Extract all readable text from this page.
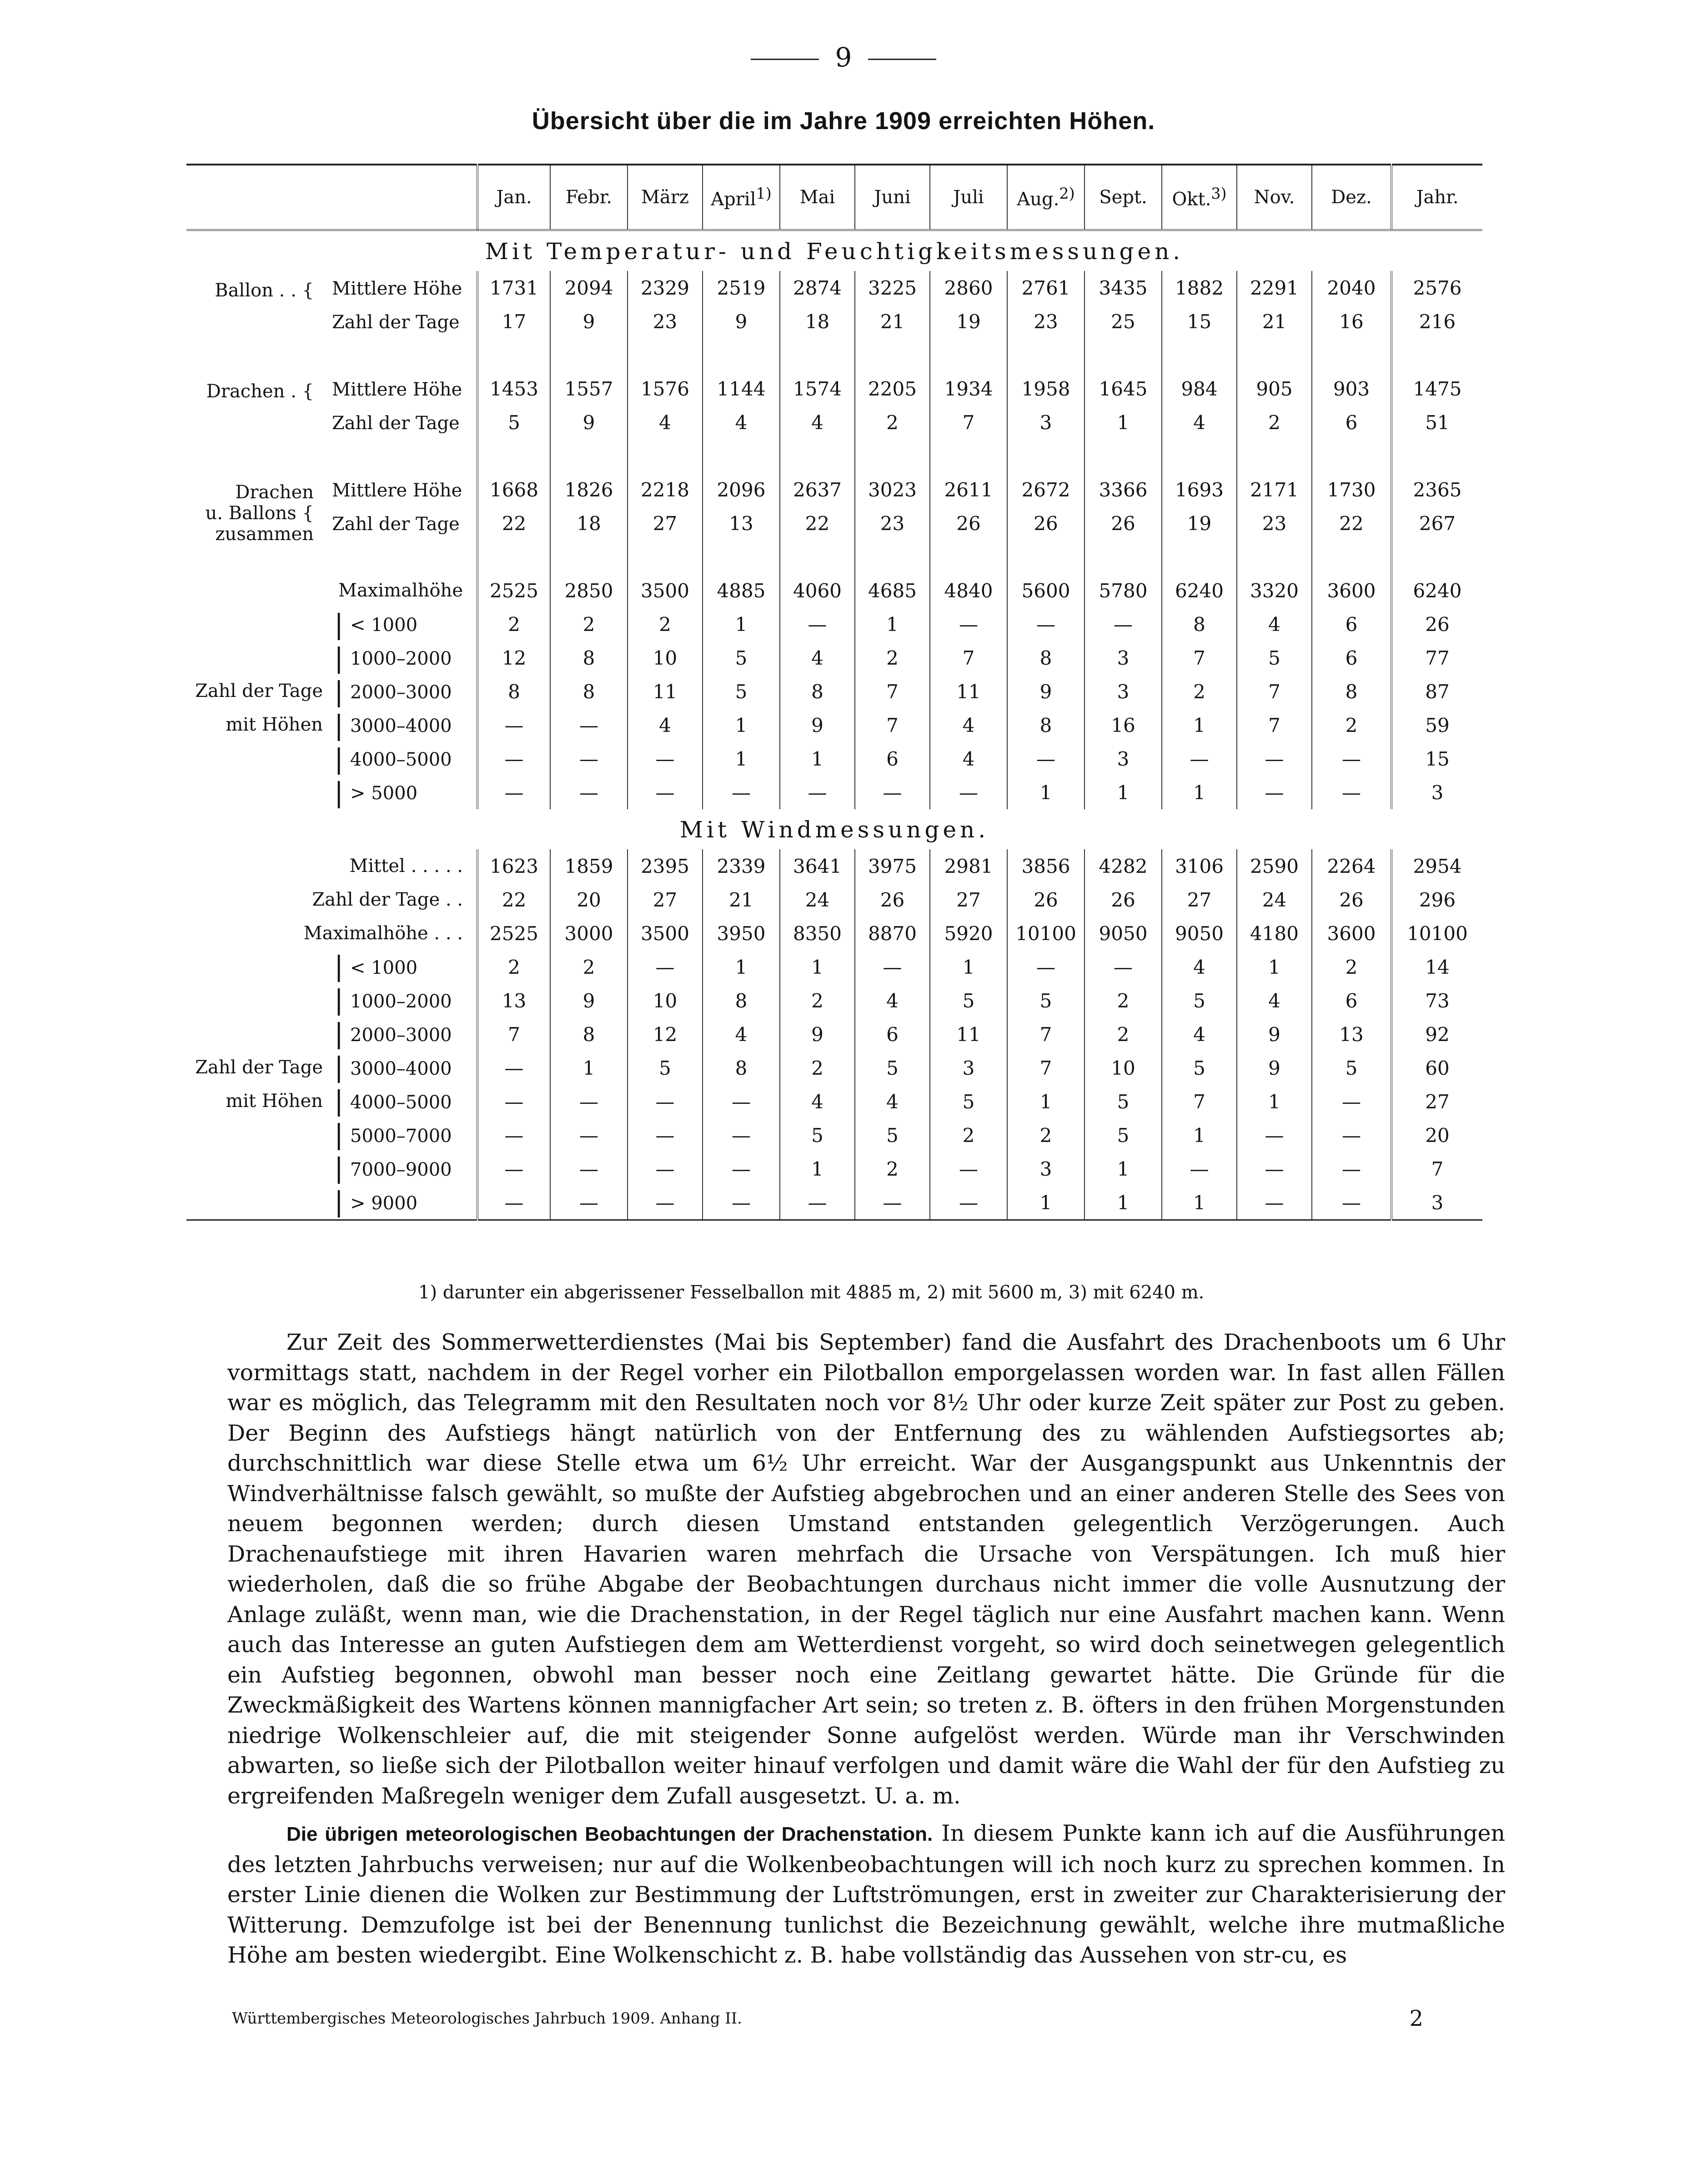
9
Übersicht über die im Jahre 1909 erreichten Höhen.
	Jan.	Febr.	März	April$^{1)}$	Mai	Juni	Juli	Aug.$^{2)}$	Sept.	Okt.$^{3)}$	Nov.	Dez.	Jahr.
Mit Temperatur- und Feuchtigkeitsmessungen.													

Ballon . . { Mittlere Höhe	1731	2094	2329	2519	2874	3225	2860	2761	3435	1882	2291	2040	2576
Zahl der Tage	17	9	23	9	18	21	19	23	25	15	21	16	216

Drachen . { Mittlere Höhe	1453	1557	1576	1144	1574	2205	1934	1958	1645	984	905	903	1475
Zahl der Tage	5	9	4	4	4	2	7	3	1	4	2	6	51

Drachen
u. Ballons {
zusammen
Mittlere Höhe	1668	1826	2218	2096	2637	3023	2611	2672	3366	1693	2171	1730	2365
Zahl der Tage	22	18	27	13	22	23	26	26	26	19	23	22	267

Maximalhöhe	2525	2850	3500	4885	4060	4685	4840	5600	5780	6240	3320	3600	6240

| < 1000	2	2	2	1	—	1	—	—	—	8	4	6	26

| 1000–2000	12	8	10	5	4	2	7	8	3	7	5	6	77

Zahl der Tage | 2000–3000	8	8	11	5	8	7	11	9	3	2	7	8	87

mit Höhen | 3000–4000	—	—	4	1	9	7	4	8	16	1	7	2	59

| 4000–5000	—	—	—	1	1	6	4	—	3	—	—	—	15

| > 5000	—	—	—	—	—	—	—	1	1	1	—	—	3
Mit Windmessungen.													
Mittel . . . . .	1623	1859	2395	2339	3641	3975	2981	3856	4282	3106	2590	2264	2954
Zahl der Tage . .	22	20	27	21	24	26	27	26	26	27	24	26	296
Maximalhöhe . . .	2525	3000	3500	3950	8350	8870	5920	10100	9050	9050	4180	3600	10100

| < 1000	2	2	—	1	1	—	1	—	—	4	1	2	14

| 1000–2000	13	9	10	8	2	4	5	5	2	5	4	6	73

| 2000–3000	7	8	12	4	9	6	11	7	2	4	9	13	92

Zahl der Tage | 3000–4000	—	1	5	8	2	5	3	7	10	5	9	5	60

mit Höhen | 4000–5000	—	—	—	—	4	4	5	1	5	7	1	—	27

| 5000–7000	—	—	—	—	5	5	2	2	5	1	—	—	20

| 7000–9000	—	—	—	—	1	2	—	3	1	—	—	—	7

| > 9000	—	—	—	—	—	—	—	1	1	1	—	—	3

1) darunter ein abgerissener Fesselballon mit 4885 m, 2) mit 5600 m, 3) mit 6240 m.

Zur Zeit des Sommerwetterdienstes (Mai bis September) fand die Ausfahrt des Drachenboots um 6 Uhr vormittags statt, nachdem in der Regel vorher ein Pilotballon emporgelassen worden war. In fast allen Fällen war es möglich, das Telegramm mit den Resultaten noch vor 8½ Uhr oder kurze Zeit später zur Post zu geben. Der Beginn des Aufstiegs hängt natürlich von der Entfernung des zu wählenden Aufstiegsortes ab; durchschnittlich war diese Stelle etwa um 6½ Uhr erreicht. War der Ausgangspunkt aus Unkenntnis der Windverhältnisse falsch gewählt, so mußte der Aufstieg abgebrochen und an einer anderen Stelle des Sees von neuem begonnen werden; durch diesen Umstand entstanden gelegentlich Verzögerungen. Auch Drachenaufstiege mit ihren Havarien waren mehrfach die Ursache von Verspätungen. Ich muß hier wiederholen, daß die so frühe Abgabe der Beobachtungen durchaus nicht immer die volle Ausnutzung der Anlage zuläßt, wenn man, wie die Drachenstation, in der Regel täglich nur eine Ausfahrt machen kann. Wenn auch das Interesse an guten Aufstiegen dem am Wetterdienst vorgeht, so wird doch seinetwegen gelegentlich ein Aufstieg begonnen, obwohl man besser noch eine Zeitlang gewartet hätte. Die Gründe für die Zweckmäßigkeit des Wartens können mannigfacher Art sein; so treten z. B. öfters in den frühen Morgenstunden niedrige Wolkenschleier auf, die mit steigender Sonne aufgelöst werden. Würde man ihr Verschwinden abwarten, so ließe sich der Pilotballon weiter hinauf verfolgen und damit wäre die Wahl der für den Aufstieg zu ergreifenden Maßregeln weniger dem Zufall ausgesetzt. U. a. m.

Die übrigen meteorologischen Beobachtungen der Drachenstation. In diesem Punkte kann ich auf die Ausführungen des letzten Jahrbuchs verweisen; nur auf die Wolkenbeobachtungen will ich noch kurz zu sprechen kommen. In erster Linie dienen die Wolken zur Bestimmung der Luftströmungen, erst in zweiter zur Charakterisierung der Witterung. Demzufolge ist bei der Benennung tunlichst die Bezeichnung gewählt, welche ihre mutmaßliche Höhe am besten wiedergibt. Eine Wolkenschicht z. B. habe vollständig das Aussehen von str-cu, es

Württembergisches Meteorologisches Jahrbuch 1909. Anhang II.	2
